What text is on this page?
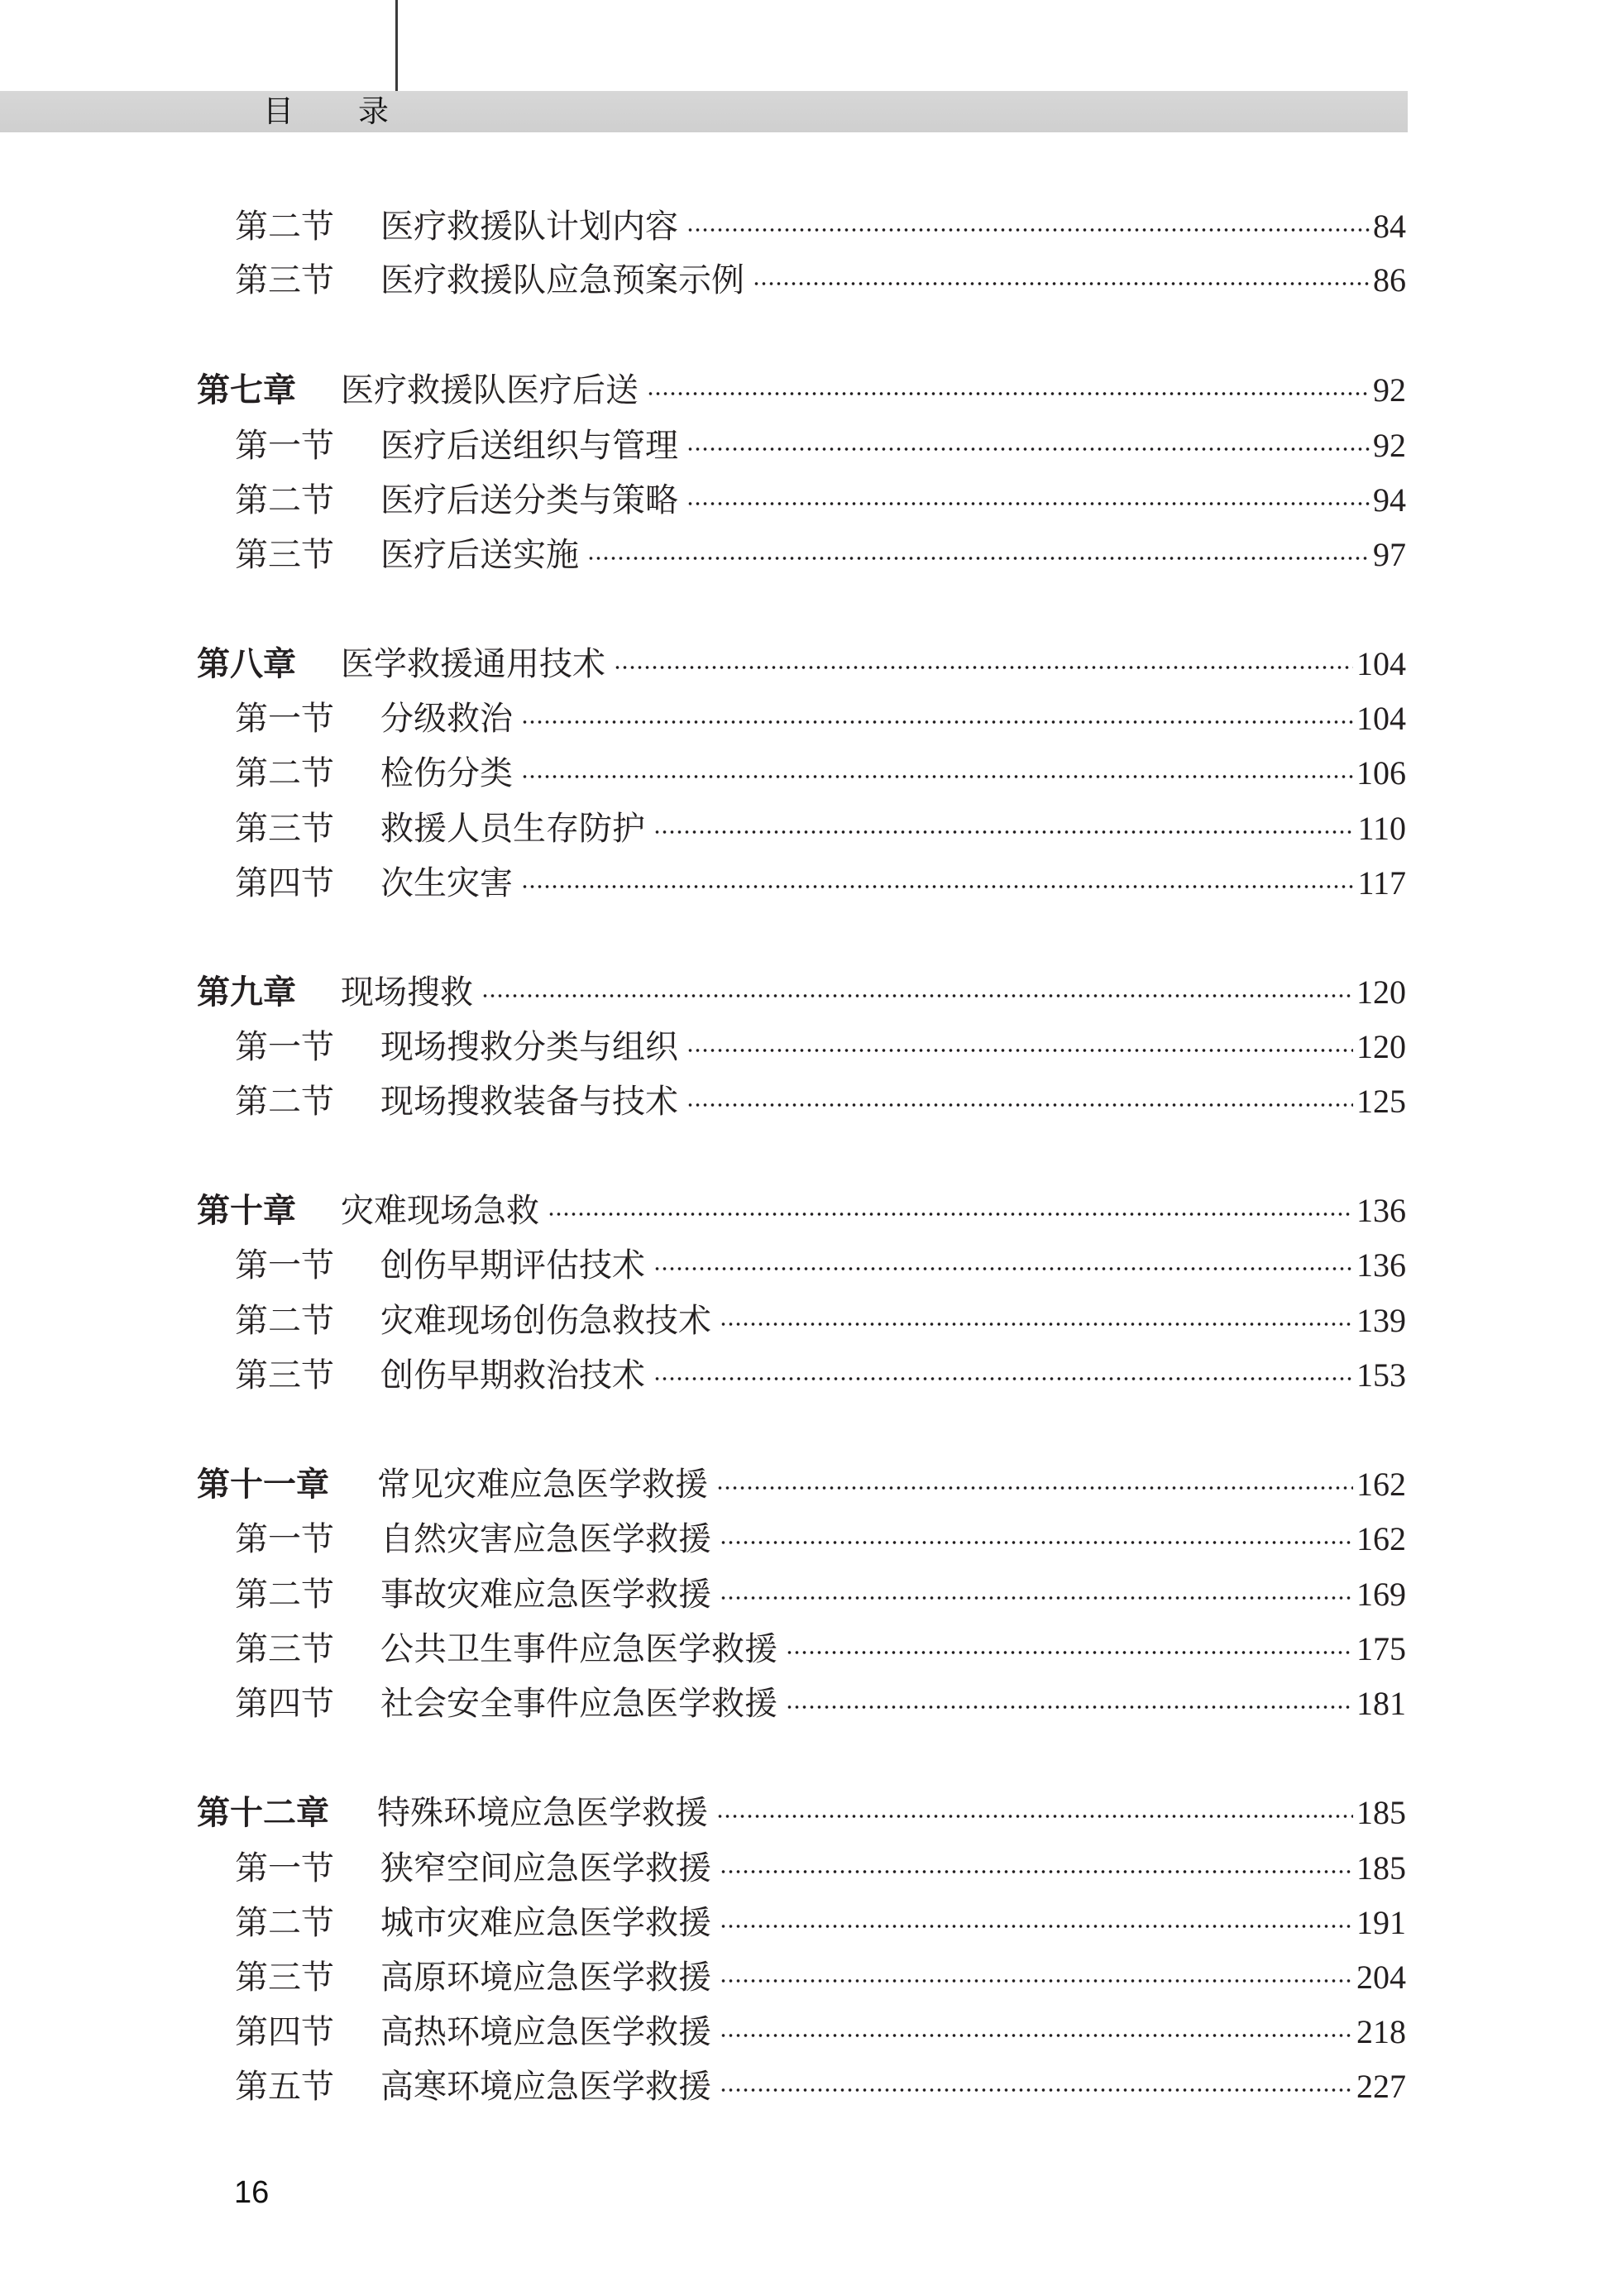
目录
第二节	医疗救援队计划内容	84
第三节	医疗救援队应急预案示例	86
第七章	医疗救援队医疗后送	92
第一节	医疗后送组织与管理	92
第二节	医疗后送分类与策略	94
第三节	医疗后送实施	97
第八章	医学救援通用技术	104
第一节	分级救治	104
第二节	检伤分类	106
第三节	救援人员生存防护	110
第四节	次生灾害	117
第九章	现场搜救	120
第一节	现场搜救分类与组织	120
第二节	现场搜救装备与技术	125
第十章	灾难现场急救	136
第一节	创伤早期评估技术	136
第二节	灾难现场创伤急救技术	139
第三节	创伤早期救治技术	153
第十一章	常见灾难应急医学救援	162
第一节	自然灾害应急医学救援	162
第二节	事故灾难应急医学救援	169
第三节	公共卫生事件应急医学救援	175
第四节	社会安全事件应急医学救援	181
第十二章	特殊环境应急医学救援	185
第一节	狭窄空间应急医学救援	185
第二节	城市灾难应急医学救援	191
第三节	高原环境应急医学救援	204
第四节	高热环境应急医学救援	218
第五节	高寒环境应急医学救援	227
16
